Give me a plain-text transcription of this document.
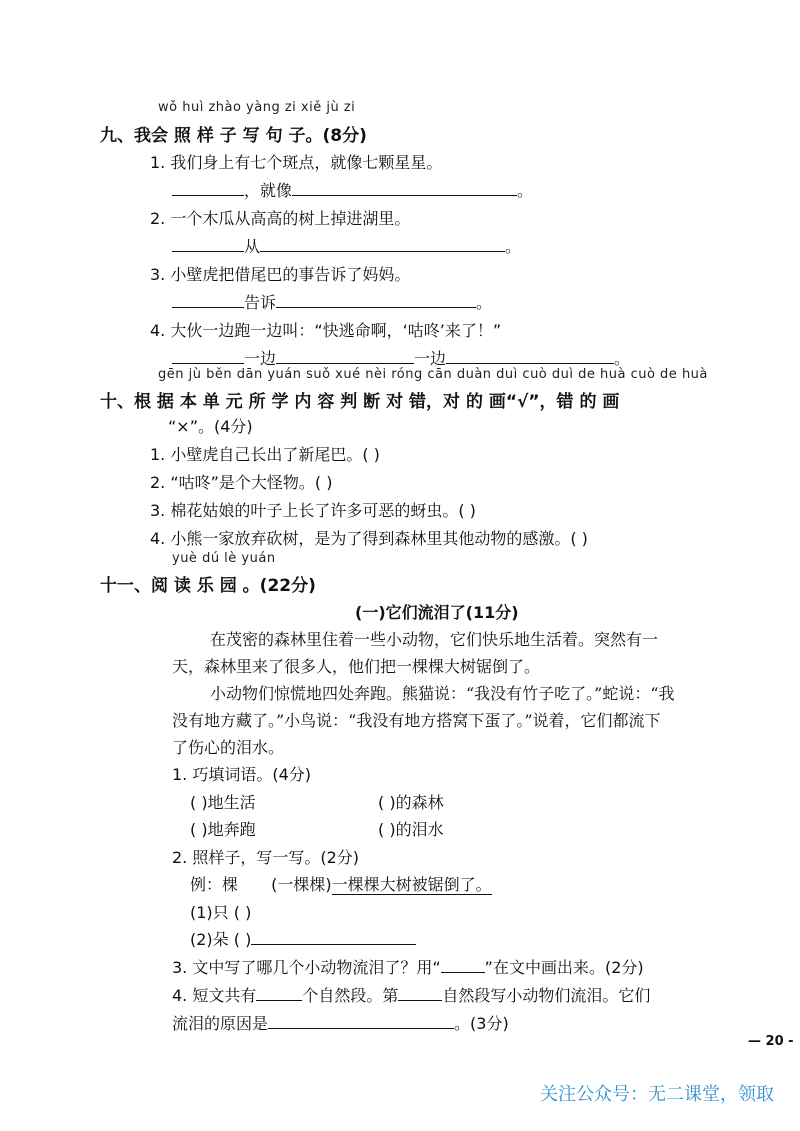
wǒ huì zhào yàng zi xiě jù zi
九、我会 照 样 子 写 句 子。(8分)
1. 我们身上有七个斑点，就像七颗星星。
，就像	。
2. 一个木瓜从高高的树上掉进湖里。
从	。
3. 小壁虎把借尾巴的事告诉了妈妈。
告诉	。
4. 大伙一边跑一边叫：“快逃命啊，‘咕咚’来了！”
一边	一边	。
gēn jù běn dān yuán suǒ xué nèi róng cān duàn duì cuò duì de huà cuò de huà
十、根 据 本 单 元 所 学 内 容 判 断 对 错，对 的 画“√”，错 的 画
“×”。(4分)
1. 小壁虎自己长出了新尾巴。( )
2. “咕咚”是个大怪物。( )
3. 棉花姑娘的叶子上长了许多可恶的蚜虫。( )
4. 小熊一家放弃砍树，是为了得到森林里其他动物的感激。( )
yuè dú lè yuán
十一、阅 读 乐 园 。(22分)
(一)它们流泪了(11分)
在茂密的森林里住着一些小动物，它们快乐地生活着。突然有一
天，森林里来了很多人，他们把一棵棵大树锯倒了。
小动物们惊慌地四处奔跑。熊猫说：“我没有竹子吃了。”蛇说：“我
没有地方藏了。”小鸟说：“我没有地方搭窝下蛋了。”说着，它们都流下
了伤心的泪水。
1. 巧填词语。(4分)
( )地生活	( )的森林
( )地奔跑	( )的泪水
2. 照样子，写一写。(2分)
例：棵 (一棵棵)一棵棵大树被锯倒了。
(1)只 ( )
(2)朵 ( )
3. 文中写了哪几个小动物流泪了？用“	”在文中画出来。(2分)
4. 短文共有	个自然段。第	自然段写小动物们流泪。它们
流泪的原因是	。(3分)
— 20 -
关注公众号：无二课堂，领取
